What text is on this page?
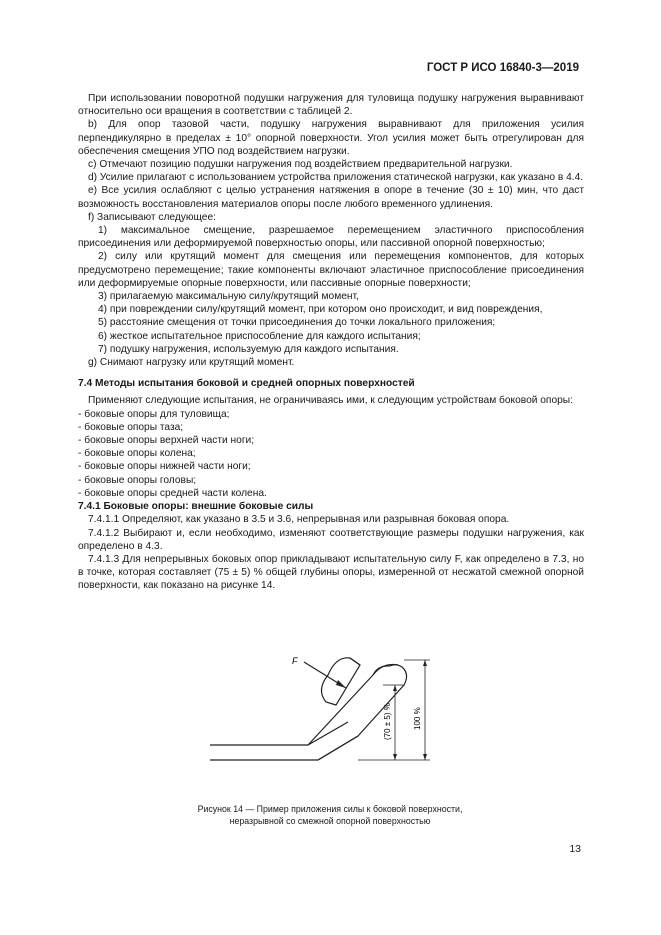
ГОСТ Р ИСО 16840-3—2019

При использовании поворотной подушки нагружения для туловища подушку нагружения выравнивают относительно оси вращения в соответствии с таблицей 2.

b) Для опор тазовой части, подушку нагружения выравнивают для приложения усилия перпендикулярно в пределах ± 10° опорной поверхности. Угол усилия может быть отрегулирован для обеспечения смещения УПО под воздействием нагрузки.

c) Отмечают позицию подушки нагружения под воздействием предварительной нагрузки.

d) Усилие прилагают с использованием устройства приложения статической нагрузки, как указано в 4.4.

e) Все усилия ослабляют с целью устранения натяжения в опоре в течение (30 ± 10) мин, что даст возможность восстановления материалов опоры после любого временного удлинения.

f) Записывают следующее:

1) максимальное смещение, разрешаемое перемещением эластичного приспособления присоединения или деформируемой поверхностью опоры, или пассивной опорной поверхностью;

2) силу или крутящий момент для смещения или перемещения компонентов, для которых предусмотрено перемещение; такие компоненты включают эластичное приспособление присоединения или деформируемые опорные поверхности, или пассивные опорные поверхности;

3) прилагаемую максимальную силу/крутящий момент,

4) при повреждении силу/крутящий момент, при котором оно происходит, и вид повреждения,

5) расстояние смещения от точки присоединения до точки локального приложения;

6) жесткое испытательное приспособление для каждого испытания;

7) подушку нагружения, используемую для каждого испытания.

g) Снимают нагрузку или крутящий момент.

7.4 Методы испытания боковой и средней опорных поверхностей

Применяют следующие испытания, не ограничиваясь ими, к следующим устройствам боковой опоры:

- боковые опоры для туловища;
- боковые опоры таза;
- боковые опоры верхней части ноги;
- боковые опоры колена;
- боковые опоры нижней части ноги;
- боковые опоры головы;
- боковые опоры средней части колена.

7.4.1 Боковые опоры: внешние боковые силы

7.4.1.1 Определяют, как указано в 3.5 и 3.6, непрерывная или разрывная боковая опора.

7.4.1.2 Выбирают и, если необходимо, изменяют соответствующие размеры подушки нагружения, как определено в 4.3.

7.4.1.3 Для непрерывных боковых опор прикладывают испытательную силу F, как определено в 7.3, но в точке, которая составляет (75 ± 5) % общей глубины опоры, измеренной от несжатой смежной опорной поверхности, как показано на рисунке 14.

F
(70 ± 5) %	100 %
Рисунок 14 — Пример приложения силы к боковой поверхности,
неразрывной со смежной опорной поверхностью
13
